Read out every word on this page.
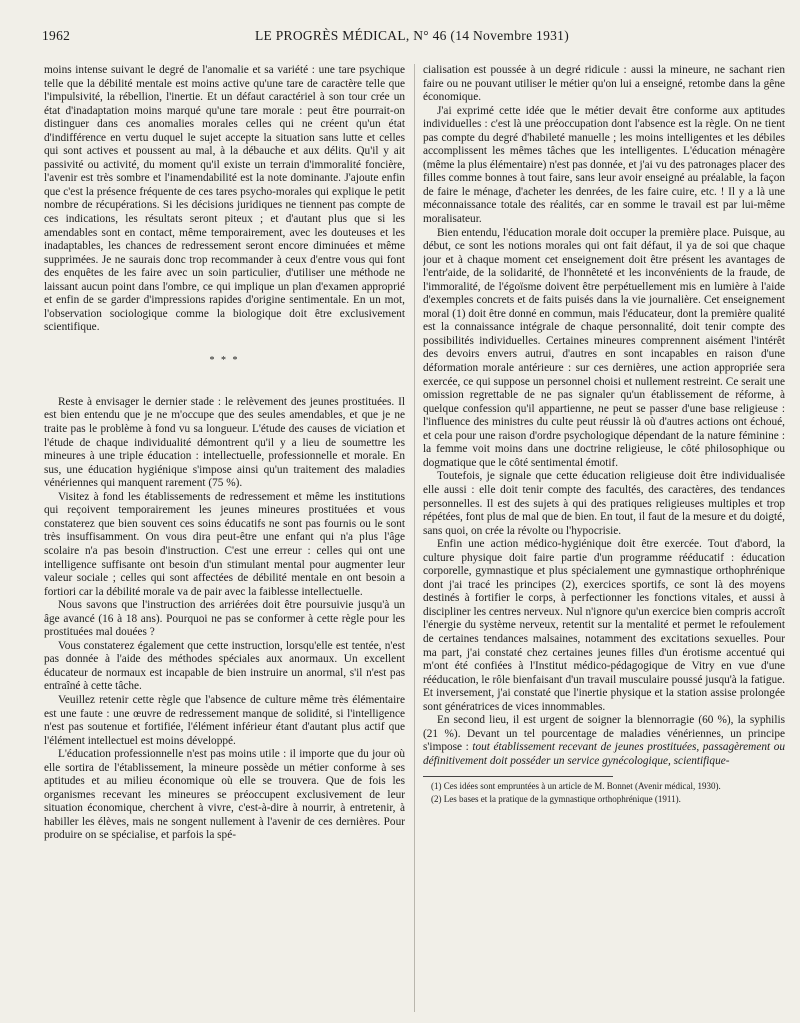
1962	LE PROGRÈS MÉDICAL, N° 46 (14 Novembre 1931)

moins intense suivant le degré de l'anomalie et sa variété : une tare psychique telle que la débilité mentale est moins active qu'une tare de caractère telle que l'impulsivité, la rébellion, l'inertie. Et un défaut caractériel à son tour crée un état d'inadaptation moins marqué qu'une tare morale : peut être pourrait-on distinguer dans ces anomalies morales celles qui ne créent qu'un état d'indifférence en vertu duquel le sujet accepte la situation sans lutte et celles qui sont actives et poussent au mal, à la débauche et aux délits. Qu'il y ait passivité ou activité, du moment qu'il existe un terrain d'immoralité foncière, l'avenir est très sombre et l'inamendabilité est la note dominante. J'ajoute enfin que c'est la présence fréquente de ces tares psycho-morales qui explique le petit nombre de récupérations. Si les décisions juridiques ne tiennent pas compte de ces indications, les résultats seront piteux ; et d'autant plus que si les amendables sont en contact, même temporairement, avec les douteuses et les inadaptables, les chances de redressement seront encore diminuées et même supprimées. Je ne saurais donc trop recommander à ceux d'entre vous qui font des enquêtes de les faire avec un soin particulier, d'utiliser une méthode ne laissant aucun point dans l'ombre, ce qui implique un plan d'examen approprié et enfin de se garder d'impressions rapides d'origine sentimentale. En un mot, l'observation sociologique comme la biologique doit être exclusivement scientifique.

* * *

Reste à envisager le dernier stade : le relèvement des jeunes prostituées. Il est bien entendu que je ne m'occupe que des seules amendables, et que je ne traite pas le problème à fond vu sa longueur. L'étude des causes de viciation et l'étude de chaque individualité démontrent qu'il y a lieu de soumettre les mineures à une triple éducation : intellectuelle, professionnelle et morale. En sus, une éducation hygiénique s'impose ainsi qu'un traitement des maladies vénériennes qui manquent rarement (75 %).

Visitez à fond les établissements de redressement et même les institutions qui reçoivent temporairement les jeunes mineures prostituées et vous constaterez que bien souvent ces soins éducatifs ne sont pas fournis ou le sont très insuffisamment. On vous dira peut-être une enfant qui n'a plus l'âge scolaire n'a pas besoin d'instruction. C'est une erreur : celles qui ont une intelligence suffisante ont besoin d'un stimulant mental pour augmenter leur valeur sociale ; celles qui sont affectées de débilité mentale en ont besoin a fortiori car la débilité morale va de pair avec la faiblesse intellectuelle.

Nous savons que l'instruction des arriérées doit être poursuivie jusqu'à un âge avancé (16 à 18 ans). Pourquoi ne pas se conformer à cette règle pour les prostituées mal douées ?

Vous constaterez également que cette instruction, lorsqu'elle est tentée, n'est pas donnée à l'aide des méthodes spéciales aux anormaux. Un excellent éducateur de normaux est incapable de bien instruire un anormal, s'il n'est pas entraîné à cette tâche.

Veuillez retenir cette règle que l'absence de culture même très élémentaire est une faute : une œuvre de redressement manque de solidité, si l'intelligence n'est pas soutenue et fortifiée, l'élément inférieur étant d'autant plus actif que l'élément intellectuel est moins développé.

L'éducation professionnelle n'est pas moins utile : il importe que du jour où elle sortira de l'établissement, la mineure possède un métier conforme à ses aptitudes et au milieu économique où elle se trouvera. Que de fois les organismes recevant les mineures se préoccupent exclusivement de leur situation économique, cherchent à vivre, c'est-à-dire à nourrir, à entretenir, à habiller les élèves, mais ne songent nullement à l'avenir de ces dernières. Pour produire on se spécialise, et parfois la spé-

cialisation est poussée à un degré ridicule : aussi la mineure, ne sachant rien faire ou ne pouvant utiliser le métier qu'on lui a enseigné, retombe dans la gêne économique.

J'ai exprimé cette idée que le métier devait être conforme aux aptitudes individuelles : c'est là une préoccupation dont l'absence est la règle. On ne tient pas compte du degré d'habileté manuelle ; les moins intelligentes et les débiles accomplissent les mêmes tâches que les intelligentes. L'éducation ménagère (même la plus élémentaire) n'est pas donnée, et j'ai vu des patronages placer des filles comme bonnes à tout faire, sans leur avoir enseigné au préalable, la façon de faire le ménage, d'acheter les denrées, de les faire cuire, etc. ! Il y a là une méconnaissance totale des réalités, car en somme le travail est par lui-même moralisateur.

Bien entendu, l'éducation morale doit occuper la première place. Puisque, au début, ce sont les notions morales qui ont fait défaut, il ya de soi que chaque jour et à chaque moment cet enseignement doit être présent les avantages de l'entr'aide, de la solidarité, de l'honnêteté et les inconvénients de la fraude, de l'immoralité, de l'égoïsme doivent être perpétuellement mis en lumière à l'aide d'exemples concrets et de faits puisés dans la vie journalière. Cet enseignement moral (1) doit être donné en commun, mais l'éducateur, dont la première qualité est la connaissance intégrale de chaque personnalité, doit tenir compte des possibilités individuelles. Certaines mineures comprennent aisément l'intérêt des devoirs envers autrui, d'autres en sont incapables en raison d'une déformation morale antérieure : sur ces dernières, une action appropriée sera exercée, ce qui suppose un personnel choisi et nullement restreint. Ce serait une omission regrettable de ne pas signaler qu'un établissement de réforme, à quelque confession qu'il appartienne, ne peut se passer d'une base religieuse : l'influence des ministres du culte peut réussir là où d'autres actions ont échoué, et cela pour une raison d'ordre psychologique dépendant de la nature féminine : la femme voit moins dans une doctrine religieuse, le côté philosophique ou dogmatique que le côté sentimental émotif.

Toutefois, je signale que cette éducation religieuse doit être individualisée elle aussi : elle doit tenir compte des facultés, des caractères, des tendances personnelles. Il est des sujets à qui des pratiques religieuses multiples et trop répétées, font plus de mal que de bien. En tout, il faut de la mesure et du doigté, sans quoi, on crée la révolte ou l'hypocrisie.

Enfin une action médico-hygiénique doit être exercée. Tout d'abord, la culture physique doit faire partie d'un programme rééducatif : éducation corporelle, gymnastique et plus spécialement une gymnastique orthophrénique dont j'ai tracé les principes (2), exercices sportifs, ce sont là des moyens destinés à fortifier le corps, à perfectionner les fonctions vitales, et aussi à discipliner les centres nerveux. Nul n'ignore qu'un exercice bien compris accroît l'énergie du système nerveux, retentit sur la mentalité et permet le refoulement de certaines tendances malsaines, notamment des excitations sexuelles. Pour ma part, j'ai constaté chez certaines jeunes filles d'un érotisme accentué qui m'ont été confiées à l'Institut médico-pédagogique de Vitry en vue d'une rééducation, le rôle bienfaisant d'un travail musculaire poussé jusqu'à la fatigue. Et inversement, j'ai constaté que l'inertie physique et la station assise prolongée sont génératrices de vices innommables.

En second lieu, il est urgent de soigner la blennorragie (60 %), la syphilis (21 %). Devant un tel pourcentage de maladies vénériennes, un principe s'impose : tout établissement recevant de jeunes prostituées, passagèrement ou définitivement doit posséder un service gynécologique, scientifique-

(1) Ces idées sont empruntées à un article de M. Bonnet (Avenir médical, 1930).

(2) Les bases et la pratique de la gymnastique orthophrénique (1911).
